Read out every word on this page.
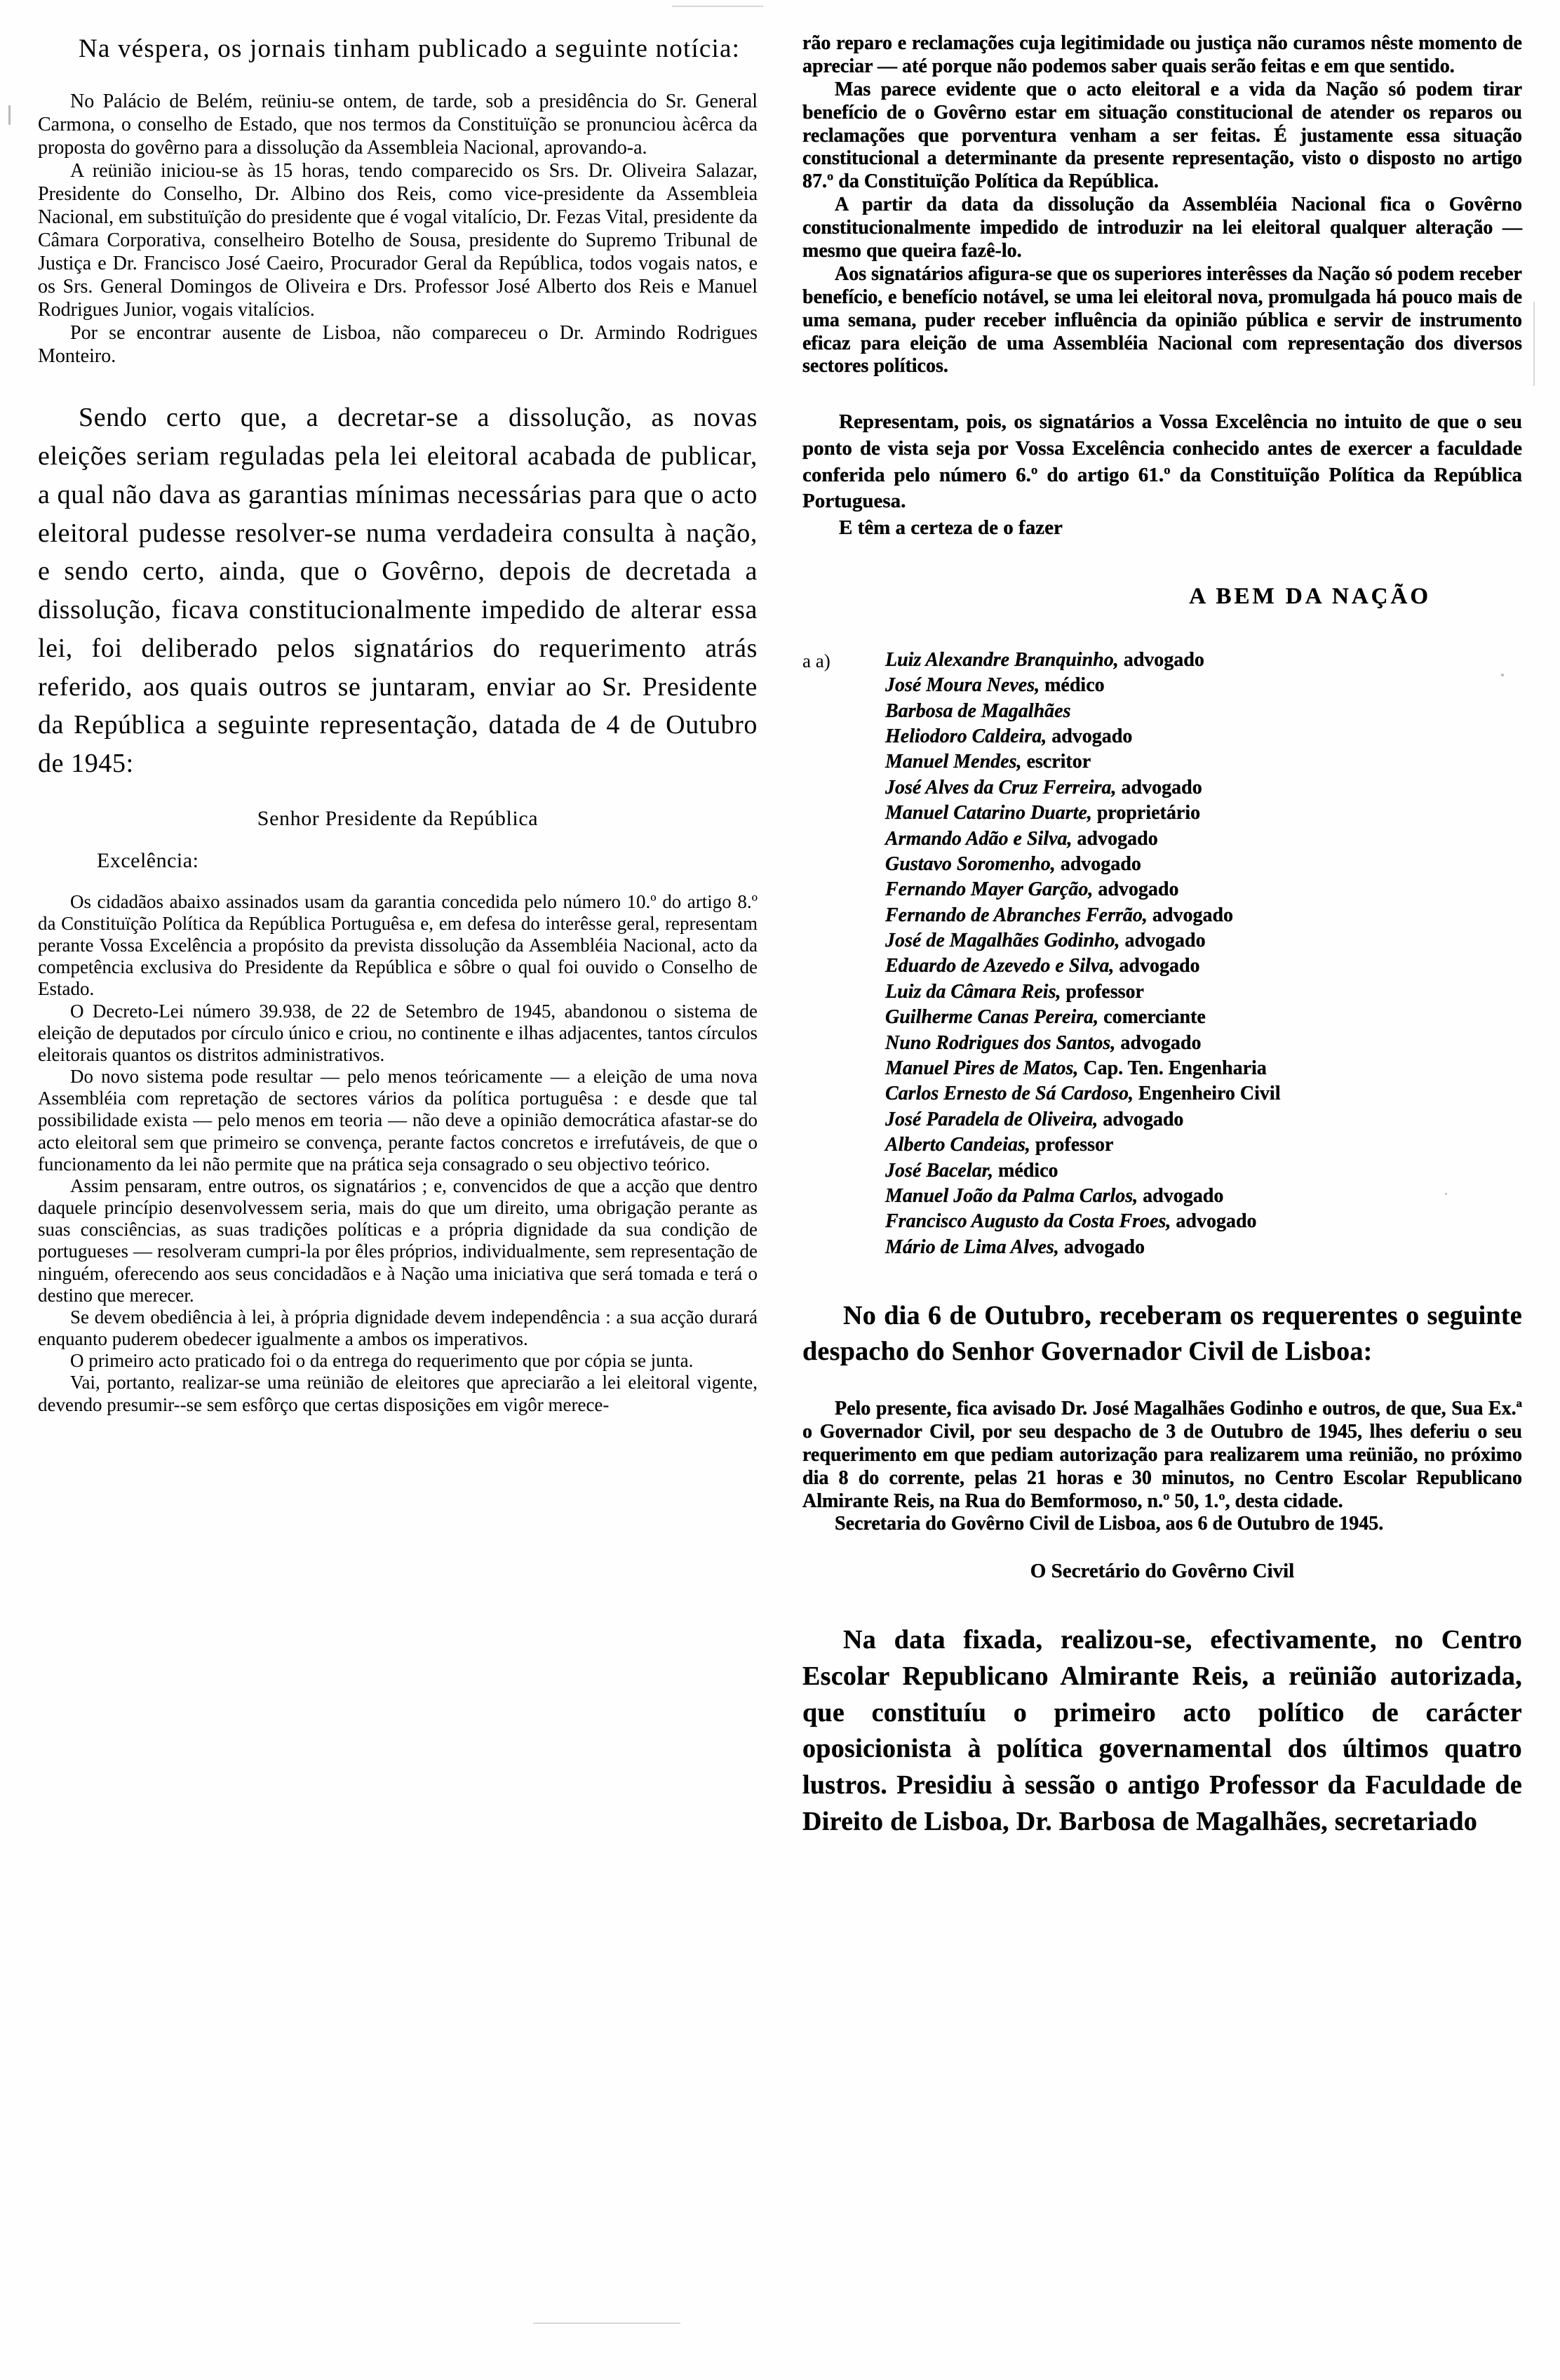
Na véspera, os jornais tinham publicado a seguinte notícia:

No Palácio de Belém, reüniu-se ontem, de tarde, sob a presidência do Sr. General Carmona, o conselho de Estado, que nos termos da Constituïção se pronunciou àcêrca da proposta do govêrno para a dissolução da Assembleia Nacional, aprovando-a.

A reünião iniciou-se às 15 horas, tendo comparecido os Srs. Dr. Oliveira Salazar, Presidente do Conselho, Dr. Albino dos Reis, como vice-presidente da Assembleia Nacional, em substituïção do presidente que é vogal vitalício, Dr. Fezas Vital, presidente da Câmara Corporativa, conselheiro Botelho de Sousa, presidente do Supremo Tribunal de Justiça e Dr. Francisco José Caeiro, Procurador Geral da República, todos vogais natos, e os Srs. General Domingos de Oliveira e Drs. Professor José Alberto dos Reis e Manuel Rodrigues Junior, vogais vitalícios.

Por se encontrar ausente de Lisboa, não compareceu o Dr. Armindo Rodrigues Monteiro.

Sendo certo que, a decretar-se a dissolução, as novas eleições seriam reguladas pela lei eleitoral acabada de publicar, a qual não dava as garantias mínimas necessárias para que o acto eleitoral pudesse resolver-se numa verdadeira consulta à nação, e sendo certo, ainda, que o Govêrno, depois de decretada a dissolução, ficava constitucionalmente impedido de alterar essa lei, foi deliberado pelos signatários do requerimento atrás referido, aos quais outros se juntaram, enviar ao Sr. Presidente da República a seguinte representação, datada de 4 de Outubro de 1945:

Senhor Presidente da República

Excelência:

Os cidadãos abaixo assinados usam da garantia concedida pelo número 10.º do artigo 8.º da Constituïção Política da República Portuguêsa e, em defesa do interêsse geral, representam perante Vossa Excelência a propósito da prevista dissolução da Assembléia Nacional, acto da competência exclusiva do Presidente da República e sôbre o qual foi ouvido o Conselho de Estado.

O Decreto-Lei número 39.938, de 22 de Setembro de 1945, abandonou o sistema de eleição de deputados por círculo único e criou, no continente e ilhas adjacentes, tantos círculos eleitorais quantos os distritos administrativos.

Do novo sistema pode resultar — pelo menos teóricamente — a eleição de uma nova Assembléia com repretação de sectores vários da política portuguêsa : e desde que tal possibilidade exista — pelo menos em teoria — não deve a opinião democrática afastar-se do acto eleitoral sem que primeiro se convença, perante factos concretos e irrefutáveis, de que o funcionamento da lei não permite que na prática seja consagrado o seu objectivo teórico.

Assim pensaram, entre outros, os signatários ; e, convencidos de que a acção que dentro daquele princípio desenvolvessem seria, mais do que um direito, uma obrigação perante as suas consciências, as suas tradições políticas e a própria dignidade da sua condição de portugueses — resolveram cumpri-la por êles próprios, individualmente, sem representação de ninguém, oferecendo aos seus concidadãos e à Nação uma iniciativa que será tomada e terá o destino que merecer.

Se devem obediência à lei, à própria dignidade devem independência : a sua acção durará enquanto puderem obedecer igualmente a ambos os imperativos.

O primeiro acto praticado foi o da entrega do requerimento que por cópia se junta.

Vai, portanto, realizar-se uma reünião de eleitores que apreciarão a lei eleitoral vigente, devendo presumir--se sem esfôrço que certas disposições em vigôr merece-

rão reparo e reclamações cuja legitimidade ou justiça não curamos nêste momento de apreciar — até porque não podemos saber quais serão feitas e em que sentido.

Mas parece evidente que o acto eleitoral e a vida da Nação só podem tirar benefício de o Govêrno estar em situação constitucional de atender os reparos ou reclamações que porventura venham a ser feitas. É justamente essa situação constitucional a determinante da presente representação, visto o disposto no artigo 87.º da Constituïção Política da República.

A partir da data da dissolução da Assembléia Nacional fica o Govêrno constitucionalmente impedido de introduzir na lei eleitoral qualquer alteração — mesmo que queira fazê-lo.

Aos signatários afigura-se que os superiores interêsses da Nação só podem receber benefício, e benefício notável, se uma lei eleitoral nova, promulgada há pouco mais de uma semana, puder receber influência da opinião pública e servir de instrumento eficaz para eleição de uma Assembléia Nacional com representação dos diversos sectores políticos.

Representam, pois, os signatários a Vossa Excelência no intuito de que o seu ponto de vista seja por Vossa Excelência conhecido antes de exercer a faculdade conferida pelo número 6.º do artigo 61.º da Constituïção Política da República Portuguesa.

E têm a certeza de o fazer

A BEM DA NAÇÃO

a a)	Luiz Alexandre Branquinho, advogado
José Moura Neves, médico
Barbosa de Magalhães
Heliodoro Caldeira, advogado
Manuel Mendes, escritor
José Alves da Cruz Ferreira, advogado
Manuel Catarino Duarte, proprietário
Armando Adão e Silva, advogado
Gustavo Soromenho, advogado
Fernando Mayer Garção, advogado
Fernando de Abranches Ferrão, advogado
José de Magalhães Godinho, advogado
Eduardo de Azevedo e Silva, advogado
Luiz da Câmara Reis, professor
Guilherme Canas Pereira, comerciante
Nuno Rodrigues dos Santos, advogado
Manuel Pires de Matos, Cap. Ten. Engenharia
Carlos Ernesto de Sá Cardoso, Engenheiro Civil
José Paradela de Oliveira, advogado
Alberto Candeias, professor
José Bacelar, médico
Manuel João da Palma Carlos, advogado
Francisco Augusto da Costa Froes, advogado
Mário de Lima Alves, advogado

No dia 6 de Outubro, receberam os requerentes o seguinte despacho do Senhor Governador Civil de Lisboa:

Pelo presente, fica avisado Dr. José Magalhães Godinho e outros, de que, Sua Ex.ª o Governador Civil, por seu despacho de 3 de Outubro de 1945, lhes deferiu o seu requerimento em que pediam autorização para realizarem uma reünião, no próximo dia 8 do corrente, pelas 21 horas e 30 minutos, no Centro Escolar Republicano Almirante Reis, na Rua do Bemformoso, n.º 50, 1.º, desta cidade.

Secretaria do Govêrno Civil de Lisboa, aos 6 de Outubro de 1945.

O Secretário do Govêrno Civil

Na data fixada, realizou-se, efectivamente, no Centro Escolar Republicano Almirante Reis, a reünião autorizada, que constituíu o primeiro acto político de carácter oposicionista à política governamental dos últimos quatro lustros. Presidiu à sessão o antigo Professor da Faculdade de Direito de Lisboa, Dr. Barbosa de Magalhães, secretariado
